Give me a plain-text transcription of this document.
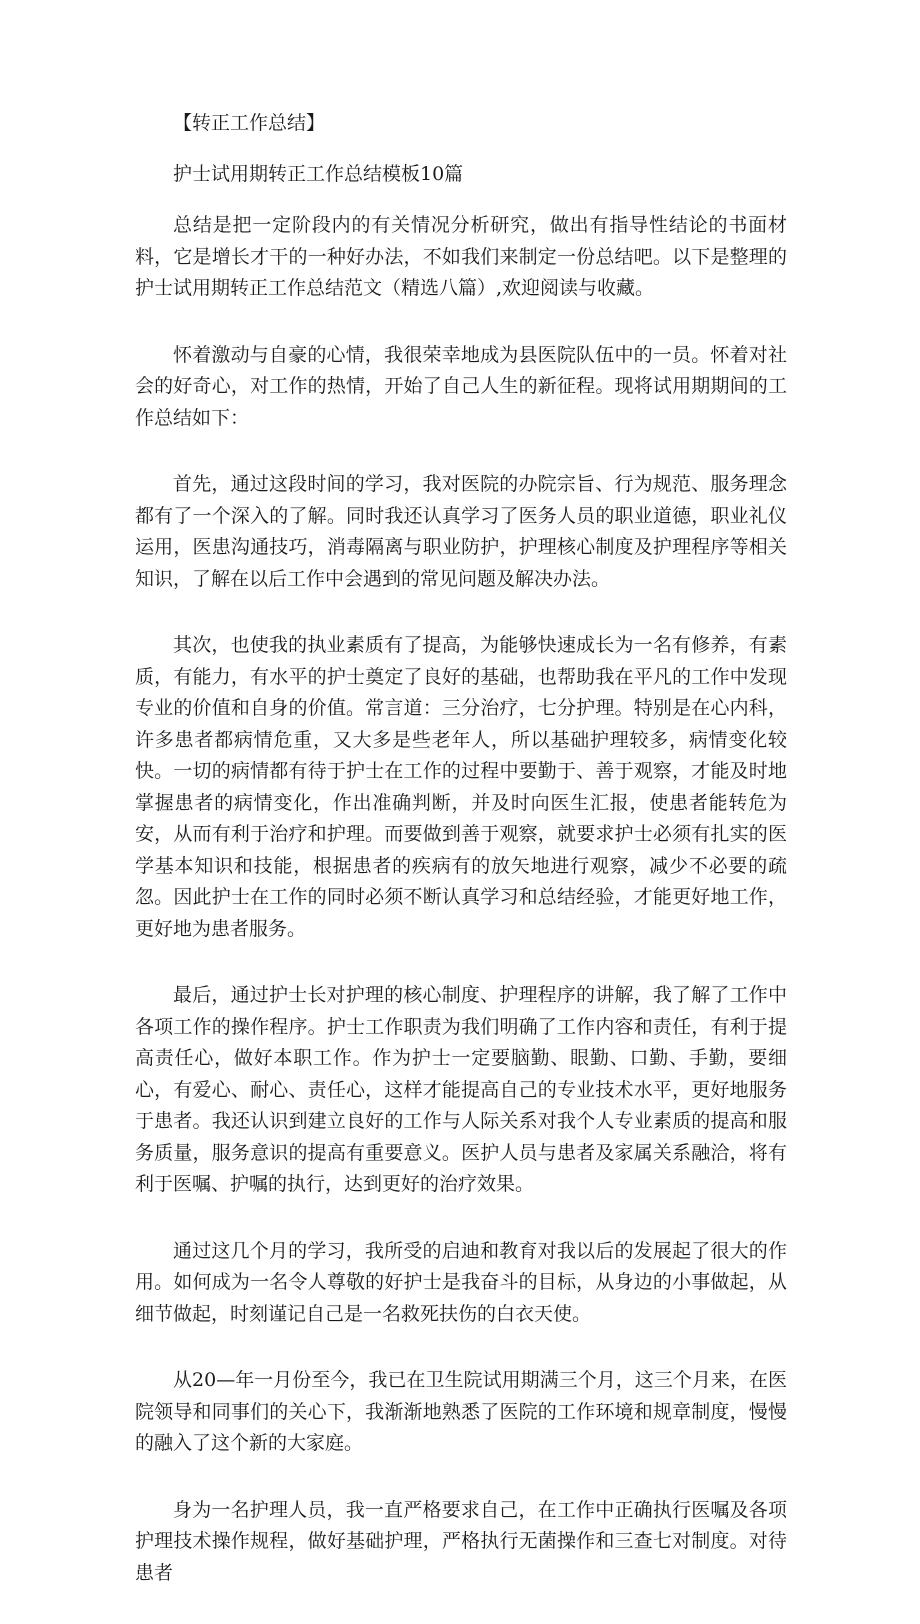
【转正工作总结】

护士试用期转正工作总结模板10篇

总结是把一定阶段内的有关情况分析研究，做出有指导性结论的书面材料，它是增长才干的一种好办法，不如我们来制定一份总结吧。以下是整理的护士试用期转正工作总结范文（精选八篇）,欢迎阅读与收藏。

怀着激动与自豪的心情，我很荣幸地成为县医院队伍中的一员。怀着对社会的好奇心，对工作的热情，开始了自己人生的新征程。现将试用期期间的工作总结如下：

首先，通过这段时间的学习，我对医院的办院宗旨、行为规范、服务理念都有了一个深入的了解。同时我还认真学习了医务人员的职业道德，职业礼仪运用，医患沟通技巧，消毒隔离与职业防护，护理核心制度及护理程序等相关知识，了解在以后工作中会遇到的常见问题及解决办法。

其次，也使我的执业素质有了提高，为能够快速成长为一名有修养，有素质，有能力，有水平的护士奠定了良好的基础，也帮助我在平凡的工作中发现专业的价值和自身的价值。常言道：三分治疗，七分护理。特别是在心内科，许多患者都病情危重，又大多是些老年人，所以基础护理较多，病情变化较快。一切的病情都有待于护士在工作的过程中要勤于、善于观察，才能及时地掌握患者的病情变化，作出准确判断，并及时向医生汇报，使患者能转危为安，从而有利于治疗和护理。而要做到善于观察，就要求护士必须有扎实的医学基本知识和技能，根据患者的疾病有的放矢地进行观察，减少不必要的疏忽。因此护士在工作的同时必须不断认真学习和总结经验，才能更好地工作，更好地为患者服务。

最后，通过护士长对护理的核心制度、护理程序的讲解，我了解了工作中各项工作的操作程序。护士工作职责为我们明确了工作内容和责任，有利于提高责任心，做好本职工作。作为护士一定要脑勤、眼勤、口勤、手勤，要细心，有爱心、耐心、责任心，这样才能提高自己的专业技术水平，更好地服务于患者。我还认识到建立良好的工作与人际关系对我个人专业素质的提高和服务质量，服务意识的提高有重要意义。医护人员与患者及家属关系融洽，将有利于医嘱、护嘱的执行，达到更好的治疗效果。

通过这几个月的学习，我所受的启迪和教育对我以后的发展起了很大的作用。如何成为一名令人尊敬的好护士是我奋斗的目标，从身边的小事做起，从细节做起，时刻谨记自己是一名救死扶伤的白衣天使。

从20—年一月份至今，我已在卫生院试用期满三个月，这三个月来，在医院领导和同事们的关心下，我渐渐地熟悉了医院的工作环境和规章制度，慢慢的融入了这个新的大家庭。

身为一名护理人员，我一直严格要求自己，在工作中正确执行医嘱及各项护理技术操作规程，做好基础护理，严格执行无菌操作和三查七对制度。对待患者
